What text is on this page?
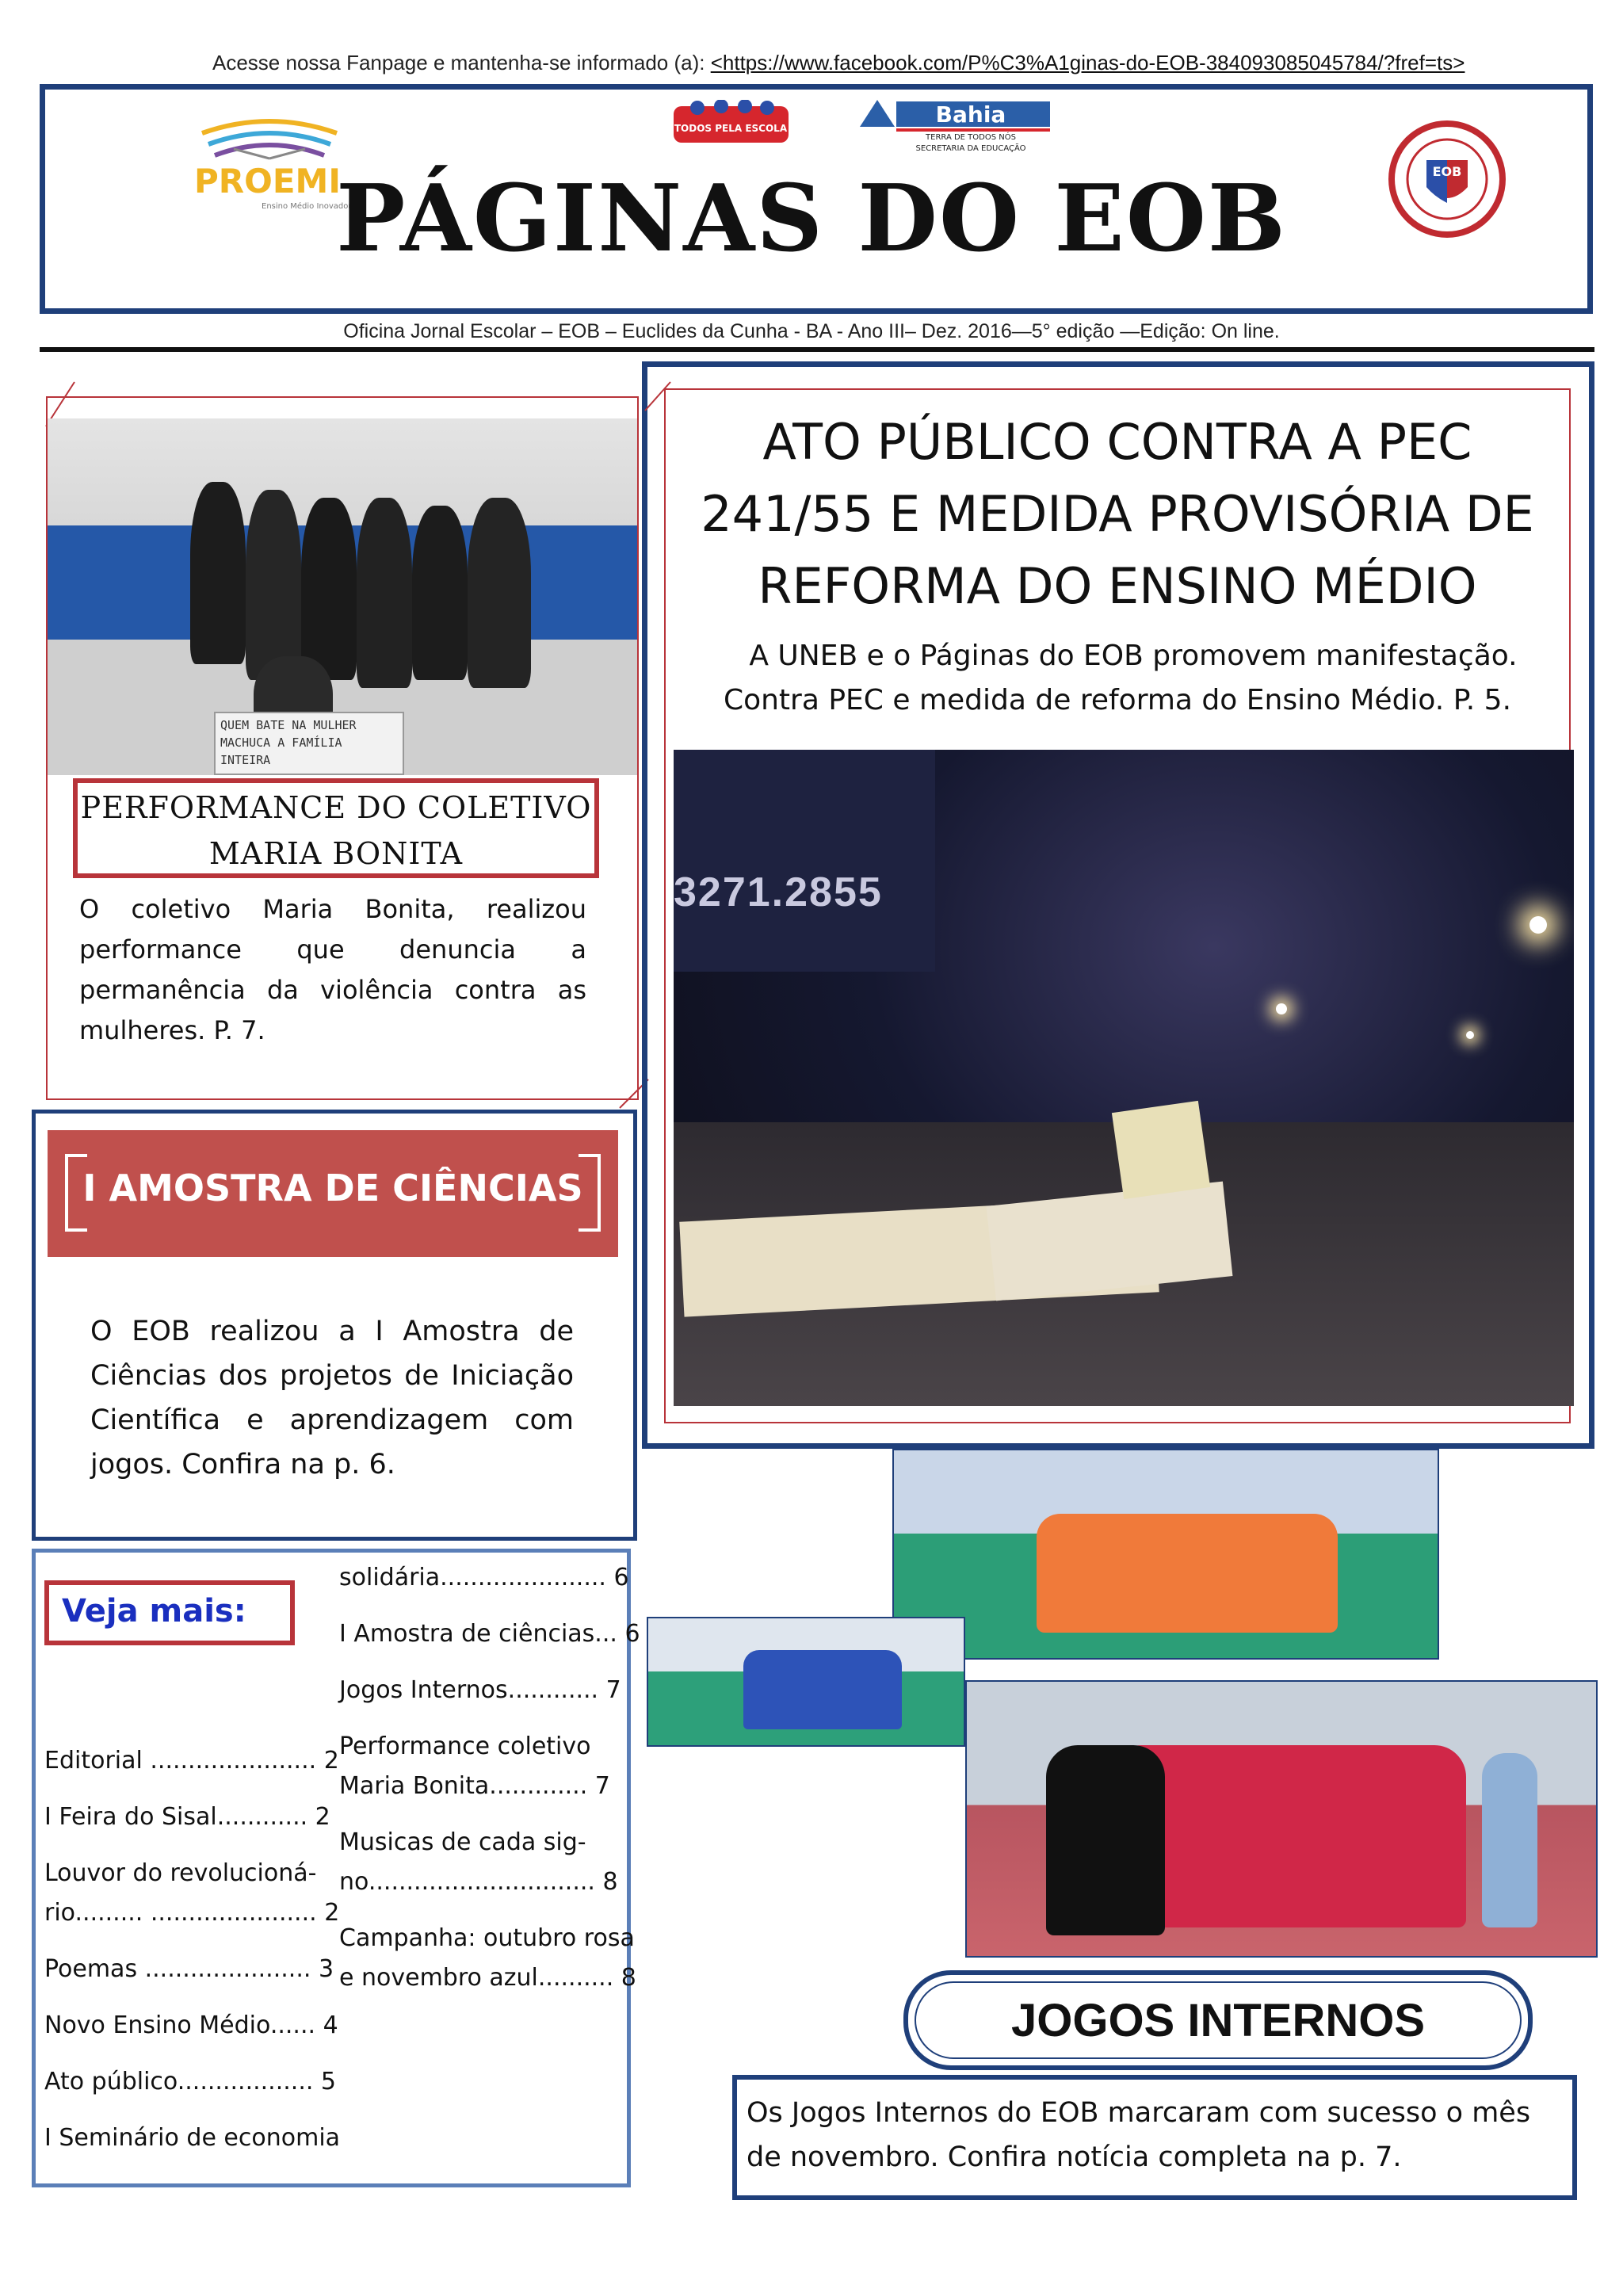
Acesse nossa Fanpage e mantenha-se informado (a): <https://www.facebook.com/P%C3%A1ginas-do-EOB-384093085045784/?fref=ts>
PROEMI
Ensino Médio Inovador
TODOS PELA ESCOLA
Bahia
TERRA DE TODOS NÓS
SECRETARIA DA EDUCAÇÃO
EOB
PÁGINAS DO EOB
Oficina Jornal Escolar – EOB – Euclides da Cunha - BA - Ano III– Dez. 2016—5° edição —Edição: On line.
QUEM BATE NA MULHER MACHUCA A FAMÍLIA INTEIRA
PERFORMANCE DO COLETIVO MARIA BONITA
O coletivo Maria Bonita, realizou performance que denuncia a permanência da violência contra as mulheres. P. 7.
I AMOSTRA DE CIÊNCIAS
O EOB realizou a I Amostra de Ciências dos projetos de Iniciação Científica e aprendizagem com jogos. Confira na p. 6.
Veja mais:
Editorial ...................... 2
I Feira do Sisal............ 2
Louvor do revolucioná-
rio......... ...................... 2
Poemas ...................... 3
Novo Ensino Médio...... 4
Ato público.................. 5
I Seminário de economia
solidária...................... 6
I Amostra de ciências... 6
Jogos Internos............ 7
Performance coletivo
Maria Bonita............. 7
Musicas de cada sig-
no.............................. 8
Campanha: outubro rosa
e novembro azul.......... 8
ATO PÚBLICO CONTRA A PEC
241/55 E MEDIDA PROVISÓRIA DE
REFORMA DO ENSINO MÉDIO
A UNEB e o Páginas do EOB promovem manifestação.
Contra PEC e medida de reforma do Ensino Médio. P. 5.
3271.2855
JOGOS INTERNOS
Os Jogos Internos do EOB marcaram com sucesso o mês de novembro. Confira notícia completa na p. 7.
